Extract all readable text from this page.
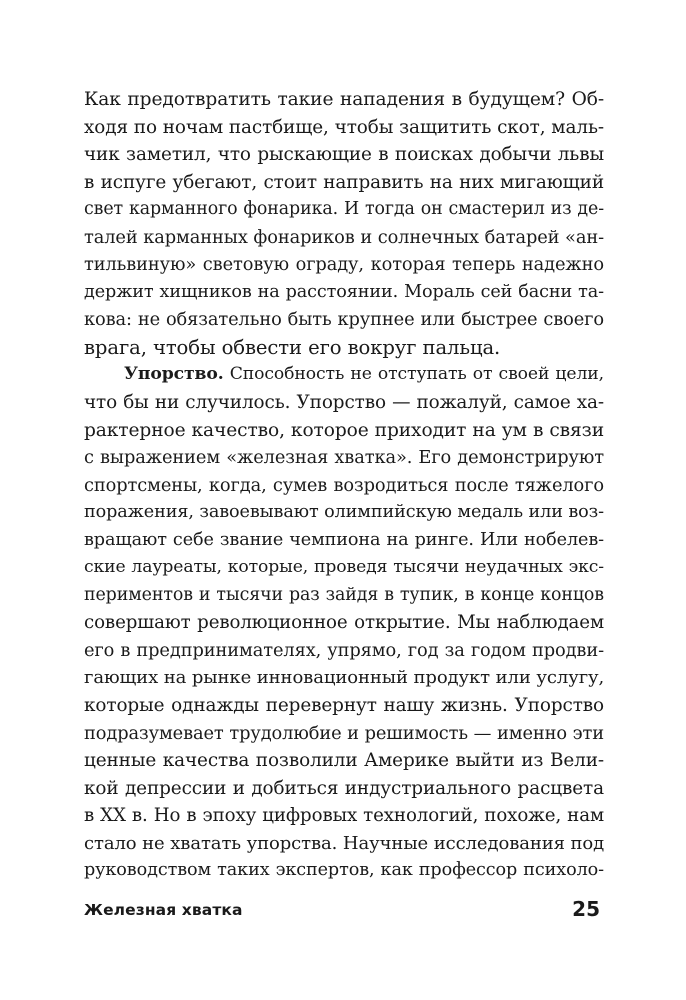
Как предотвратить такие нападения в будущем? Об-
ходя по ночам пастбище, чтобы защитить скот, маль-
чик заметил, что рыскающие в поисках добычи львы
в испуге убегают, стоит направить на них мигающий
свет карманного фонарика. И тогда он смастерил из де-
талей карманных фонариков и солнечных батарей «ан-
тильвиную» световую ограду, которая теперь надежно
держит хищников на расстоянии. Мораль сей басни та-
кова: не обязательно быть крупнее или быстрее своего
врага, чтобы обвести его вокруг пальца.
Упорство. Способность не отступать от своей цели,
что бы ни случилось. Упорство — пожалуй, самое ха-
рактерное качество, которое приходит на ум в связи
с выражением «железная хватка». Его демонстрируют
спортсмены, когда, сумев возродиться после тяжелого
поражения, завоевывают олимпийскую медаль или воз-
вращают себе звание чемпиона на ринге. Или нобелев-
ские лауреаты, которые, проведя тысячи неудачных экс-
периментов и тысячи раз зайдя в тупик, в конце концов
совершают революционное открытие. Мы наблюдаем
его в предпринимателях, упрямо, год за годом продви-
гающих на рынке инновационный продукт или услугу,
которые однажды перевернут нашу жизнь. Упорство
подразумевает трудолюбие и решимость — именно эти
ценные качества позволили Америке выйти из Вели-
кой депрессии и добиться индустриального расцвета
в XX в. Но в эпоху цифровых технологий, похоже, нам
стало не хватать упорства. Научные исследования под
руководством таких экспертов, как профессор психоло-
Железная хватка	25
